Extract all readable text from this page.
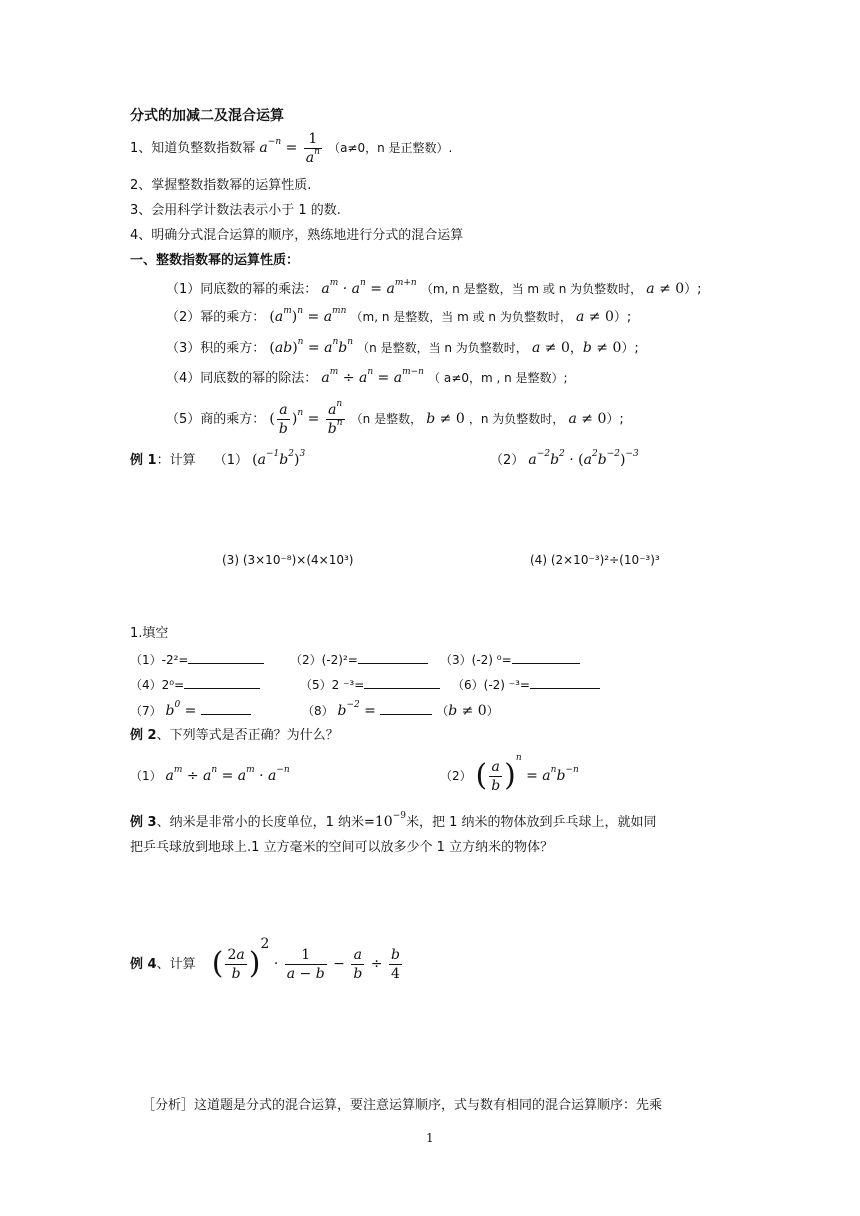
分式的加减二及混合运算
1、知道负整数指数幂 $a^{-n} = \frac{1}{a^n} (a\ne 0$，n 是正整数）.
2、掌握整数指数幂的运算性质.
3、会用科学计数法表示小于 1 的数.
4、明确分式混合运算的顺序，熟练地进行分式的混合运算
一、整数指数幂的运算性质：
（1）同底数的幂的乘法： $a^m \cdot a^n = a^{m+n}$ （m, n 是整数，当 m 或 n 为负整数时， a ≠ 0）;
（2）幂的乘方： $(a^m)^n = a^{mn}$ （m, n 是整数，当 m 或 n 为负整数时， a ≠ 0）;
（3）积的乘方： $(ab)^n = a^nb^n$ （n 是整数，当 n 为负整数时， a ≠ 0，b ≠ 0）;
（4）同底数的幂的除法： $a^m \div a^n = a^{m-n}$ （ a≠0，m , n 是整数）;
（5）商的乘方： ( $\frac{a}{b} )^n = \frac{a^n}{b^n} (n$ 是整数， b ≠ 0 ，n 为负整数时， a ≠ 0）;
例 1：计算 （1） $(a^{-1}b^2)^3$	（2） $a^{-2}b^2 \cdot (a^2b^{-2})^{-3}$
(3) (3×10⁻⁸)×(4×10³)	(4) (2×10⁻³)²÷(10⁻³)³
1.填空
（1）-2²=	（2）(-2)²=	（3）(-2) ⁰=
（4）2⁰=	（5）2 ⁻³=	（6）(-2) ⁻³=
（7） $b^0$ =	（8） $b^{-2}$ =	（b ≠ 0）
例 2、下列等式是否正确？为什么？
（1） $a^m \div a^n = a^m \cdot a^{-n}$	（2） ( $\frac{a}{b} )^n = a^nb^{-n}$
例 3、纳米是非常小的长度单位，1 纳米$=10^{-9}$米，把 1 纳米的物体放到乒乓球上，就如同
把乒乓球放到地球上.1 立方毫米的空间可以放多少个 1 立方纳米的物体？
例 4、计算 ( $\frac{2a}{b} )^2 \cdot \frac{1}{a - b} - \frac{a}{b} \div \frac{b}{4}$
［分析］这道题是分式的混合运算，要注意运算顺序，式与数有相同的混合运算顺序：先乘
1
